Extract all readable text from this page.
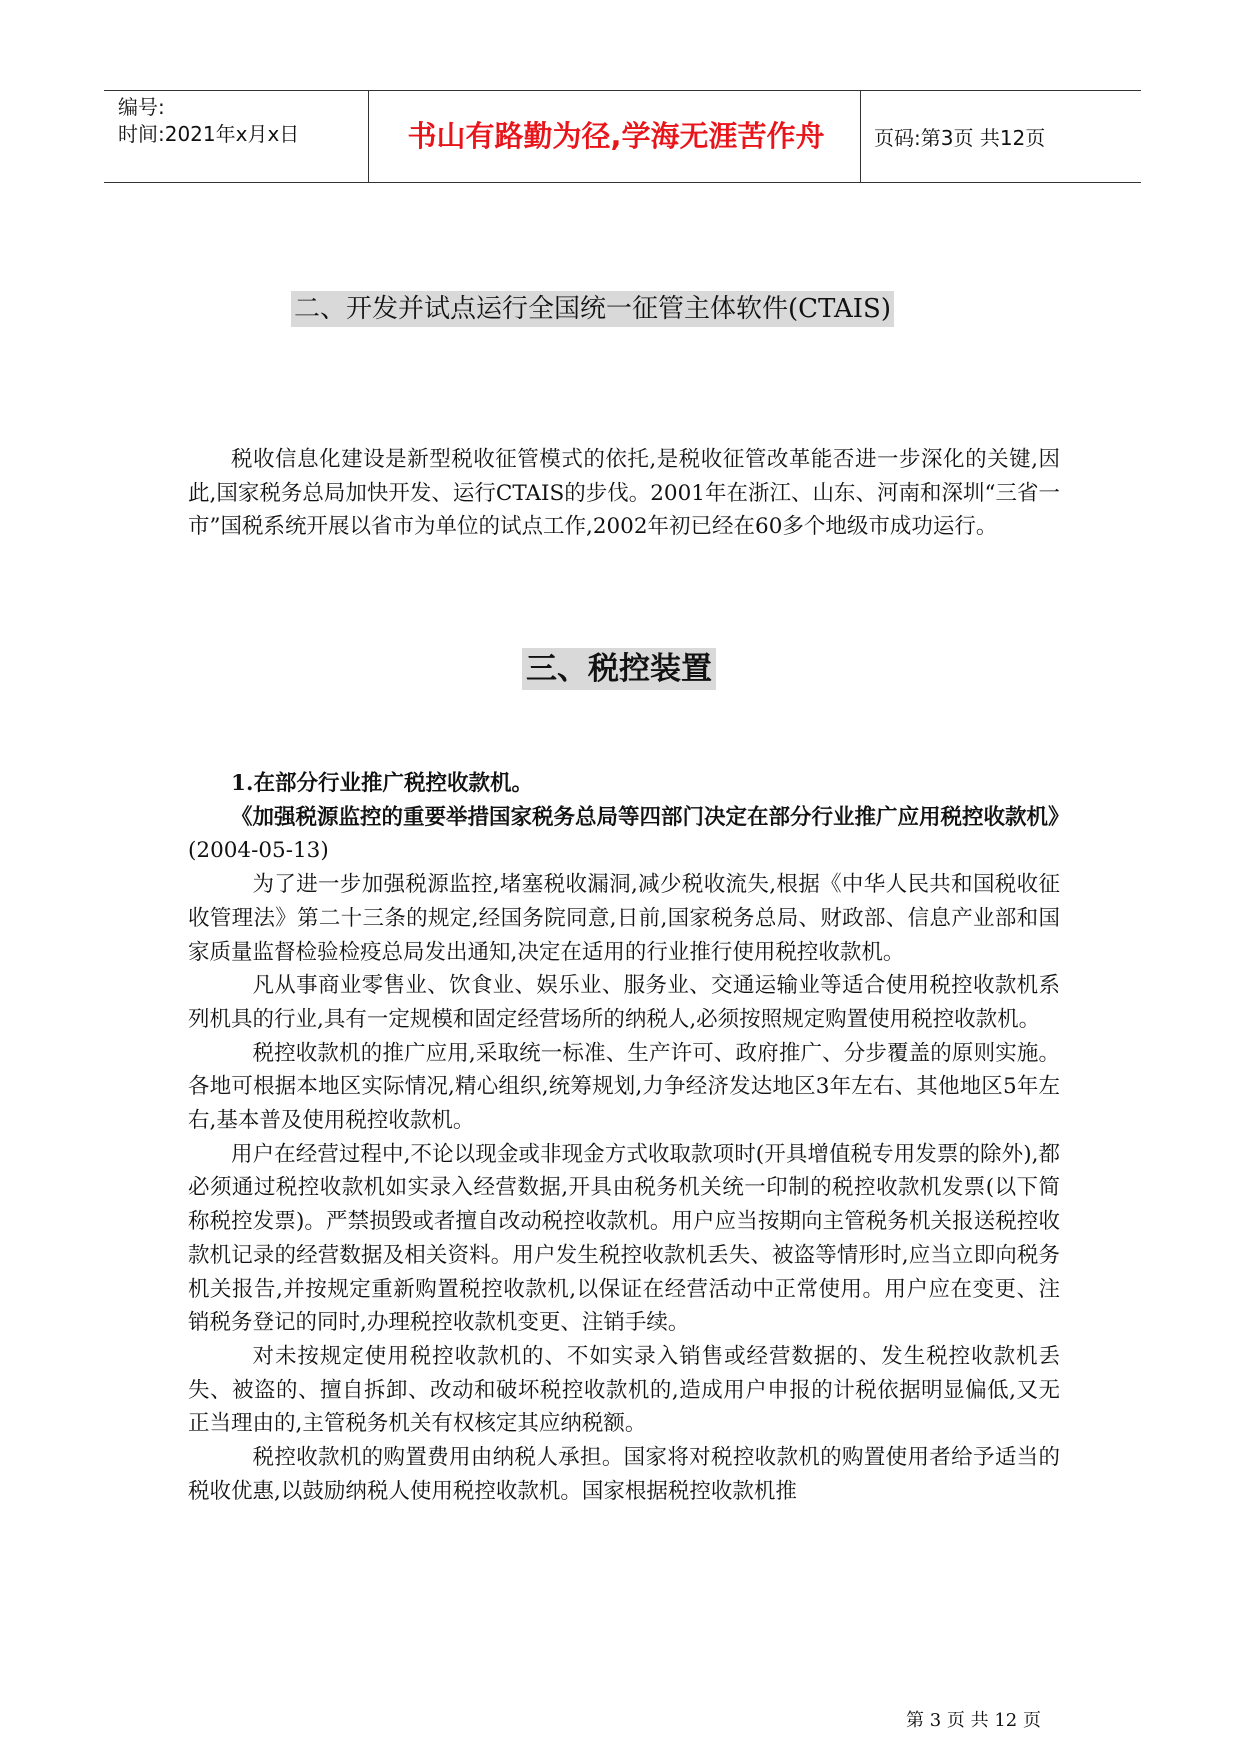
编号:
时间:2021年x月x日	书山有路勤为径,学海无涯苦作舟	页码:第3页 共12页
二、开发并试点运行全国统一征管主体软件(CTAIS)

税收信息化建设是新型税收征管模式的依托,是税收征管改革能否进一步深化的关键,因此,国家税务总局加快开发、运行CTAIS的步伐。2001年在浙江、山东、河南和深圳“三省一市”国税系统开展以省市为单位的试点工作,2002年初已经在60多个地级市成功运行。

三、税控装置

1.在部分行业推广税控收款机。

《加强税源监控的重要举措国家税务总局等四部门决定在部分行业推广应用税控收款机》(2004-05-13)

为了进一步加强税源监控,堵塞税收漏洞,减少税收流失,根据《中华人民共和国税收征收管理法》第二十三条的规定,经国务院同意,日前,国家税务总局、财政部、信息产业部和国家质量监督检验检疫总局发出通知,决定在适用的行业推行使用税控收款机。

凡从事商业零售业、饮食业、娱乐业、服务业、交通运输业等适合使用税控收款机系列机具的行业,具有一定规模和固定经营场所的纳税人,必须按照规定购置使用税控收款机。

税控收款机的推广应用,采取统一标准、生产许可、政府推广、分步覆盖的原则实施。各地可根据本地区实际情况,精心组织,统筹规划,力争经济发达地区3年左右、其他地区5年左右,基本普及使用税控收款机。

用户在经营过程中,不论以现金或非现金方式收取款项时(开具增值税专用发票的除外),都必须通过税控收款机如实录入经营数据,开具由税务机关统一印制的税控收款机发票(以下简称税控发票)。严禁损毁或者擅自改动税控收款机。用户应当按期向主管税务机关报送税控收款机记录的经营数据及相关资料。用户发生税控收款机丢失、被盗等情形时,应当立即向税务机关报告,并按规定重新购置税控收款机,以保证在经营活动中正常使用。用户应在变更、注销税务登记的同时,办理税控收款机变更、注销手续。

对未按规定使用税控收款机的、不如实录入销售或经营数据的、发生税控收款机丢失、被盗的、擅自拆卸、改动和破坏税控收款机的,造成用户申报的计税依据明显偏低,又无正当理由的,主管税务机关有权核定其应纳税额。

税控收款机的购置费用由纳税人承担。国家将对税控收款机的购置使用者给予适当的税收优惠,以鼓励纳税人使用税控收款机。国家根据税控收款机推

第 3 页 共 12 页
